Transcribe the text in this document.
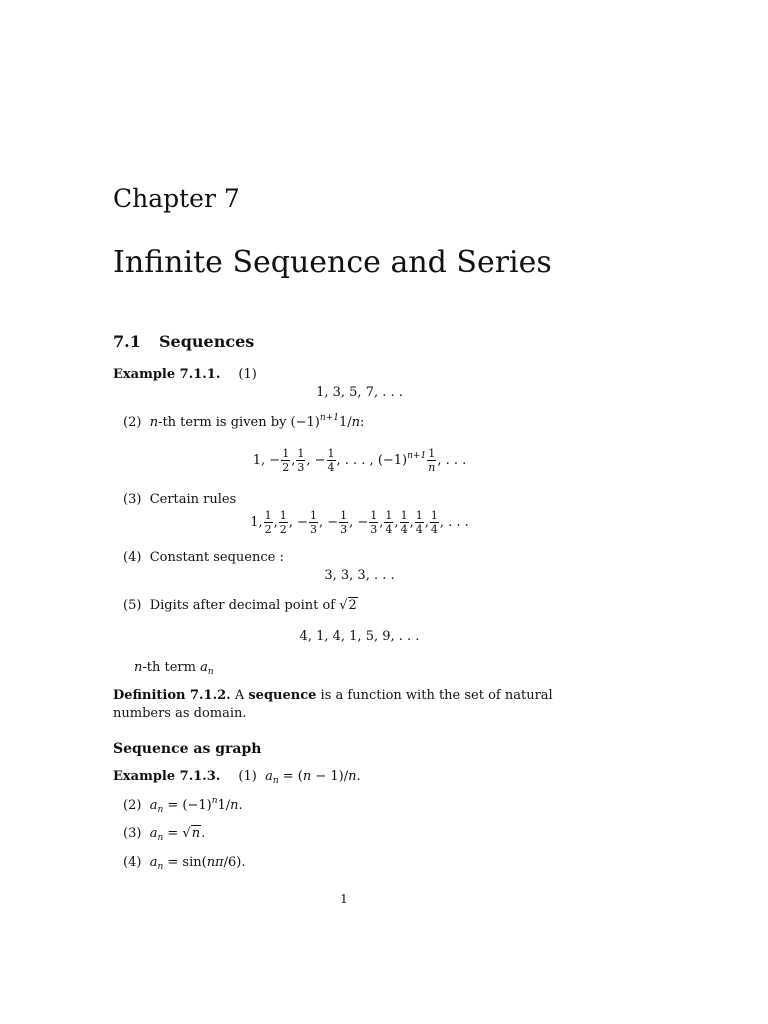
Chapter 7
Infinite Sequence and Series
7.1 Sequences
Example 7.1.1. (1)
1, 3, 5, 7, . . .
(2) n-th term is given by $(-1)^{n+1}1/n$:
1, − $\frac{1}{2}$ , $\frac{1}{3}$ , − $\frac{1}{4}$ , . . . , $(-1)^{n+1} \frac{1}{n}$ , . . .
(3) Certain rules
1, $\frac{1}{2}$ , $\frac{1}{2}$ , − $\frac{1}{3}$ , − $\frac{1}{3}$ , − $\frac{1}{3}$ , $\frac{1}{4}$ , $\frac{1}{4}$ , $\frac{1}{4}$ , $\frac{1}{4}$ , . . .
(4) Constant sequence :
3, 3, 3, . . .
(5) Digits after decimal point of √2
4, 1, 4, 1, 5, 9, . . .
n-th term $a_n$
Definition 7.1.2. A sequence is a function with the set of natural numbers as domain.
Sequence as graph
Example 7.1.3. (1) $a_n = (n - 1)/n$.
(2) $a_n = (-1)^n1/n$.
(3) $a_n = √n$.
(4) $a_n = \sin(n\pi/6)$.
1
